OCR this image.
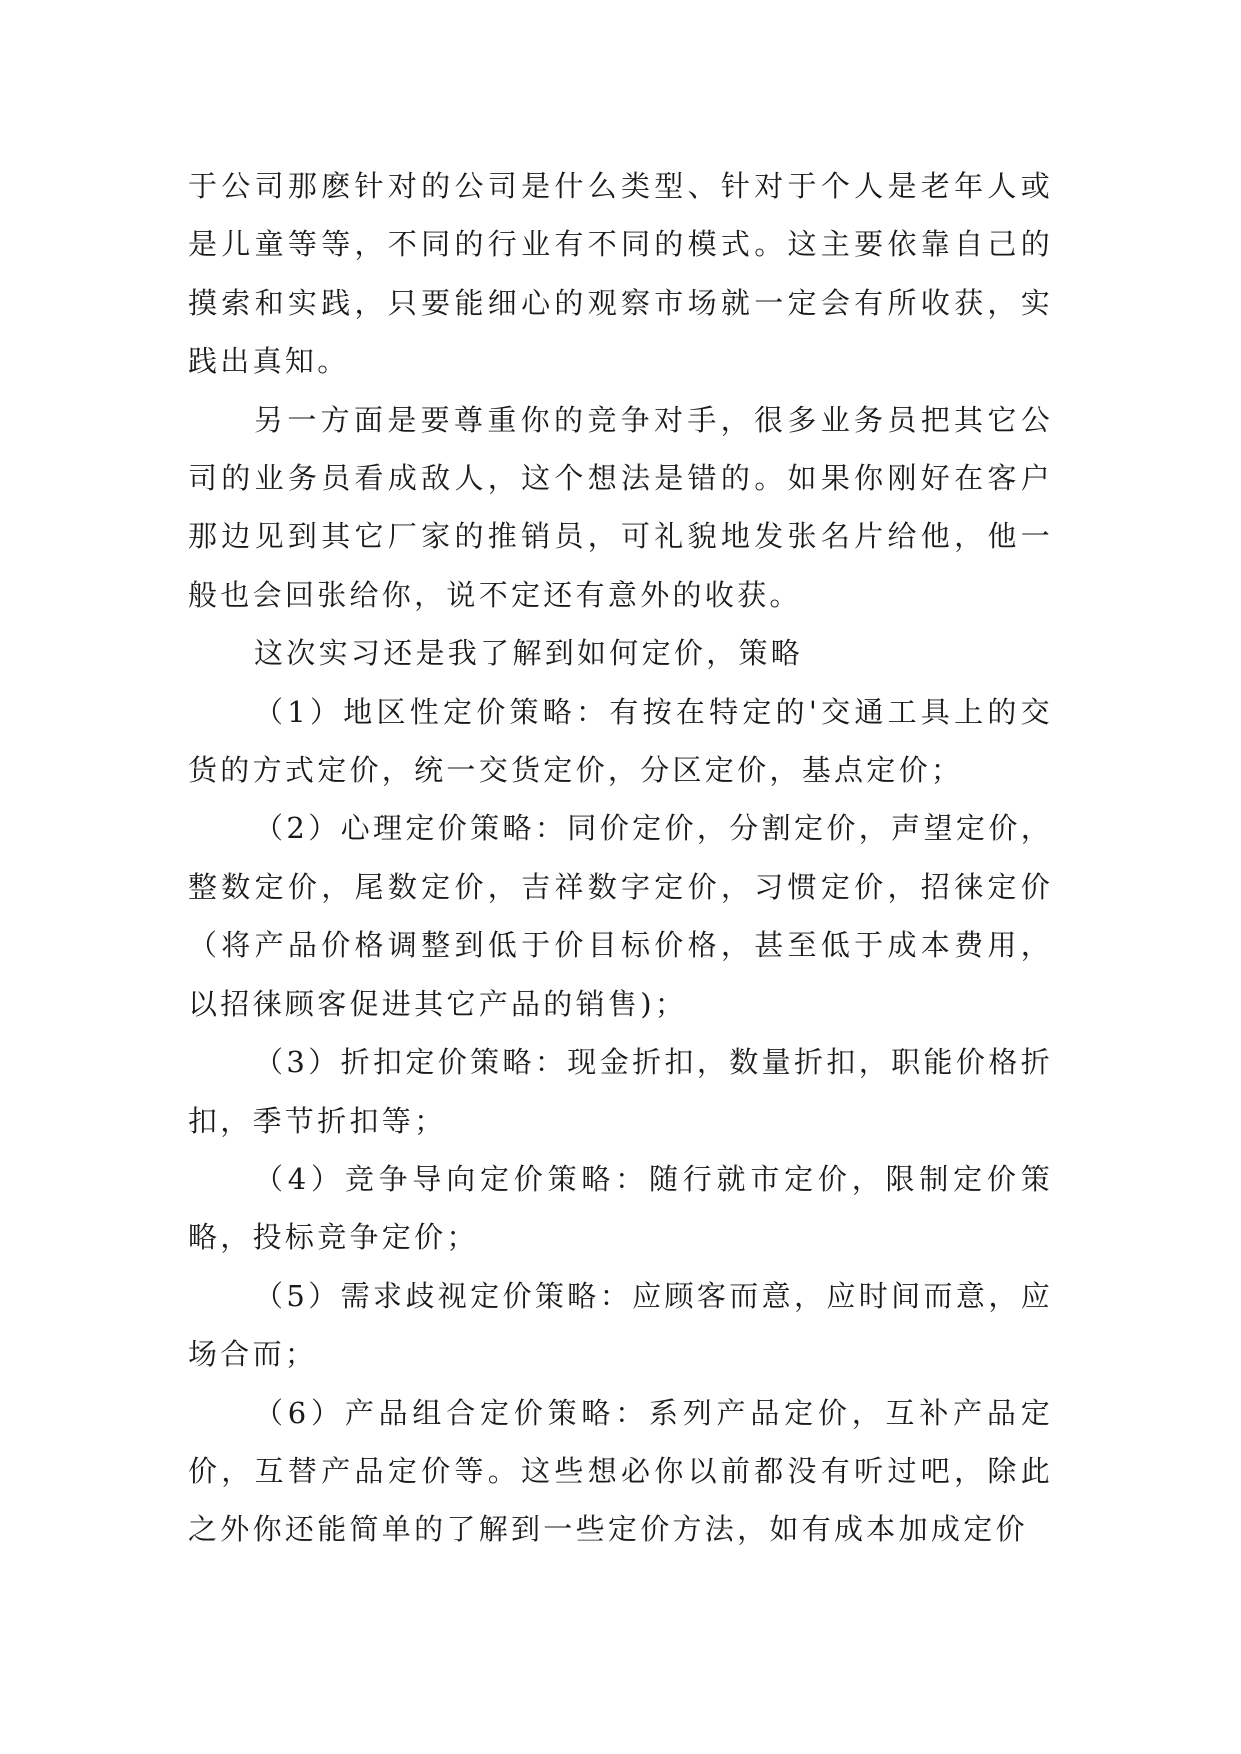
于公司那麽针对的公司是什么类型、针对于个人是老年人或是儿童等等，不同的行业有不同的模式。这主要依靠自己的摸索和实践，只要能细心的观察市场就一定会有所收获，实践出真知。

另一方面是要尊重你的竞争对手，很多业务员把其它公司的业务员看成敌人，这个想法是错的。如果你刚好在客户那边见到其它厂家的推销员，可礼貌地发张名片给他，他一般也会回张给你，说不定还有意外的收获。

这次实习还是我了解到如何定价，策略

（1）地区性定价策略：有按在特定的'交通工具上的交货的方式定价，统一交货定价，分区定价，基点定价；

（2）心理定价策略：同价定价，分割定价，声望定价，整数定价，尾数定价，吉祥数字定价，习惯定价，招徕定价（将产品价格调整到低于价目标价格，甚至低于成本费用，以招徕顾客促进其它产品的销售)；

（3）折扣定价策略：现金折扣，数量折扣，职能价格折扣，季节折扣等；

（4）竞争导向定价策略：随行就市定价，限制定价策略，投标竞争定价；

（5）需求歧视定价策略：应顾客而意，应时间而意，应场合而；

（6）产品组合定价策略：系列产品定价，互补产品定价，互替产品定价等。这些想必你以前都没有听过吧，除此之外你还能简单的了解到一些定价方法，如有成本加成定价
